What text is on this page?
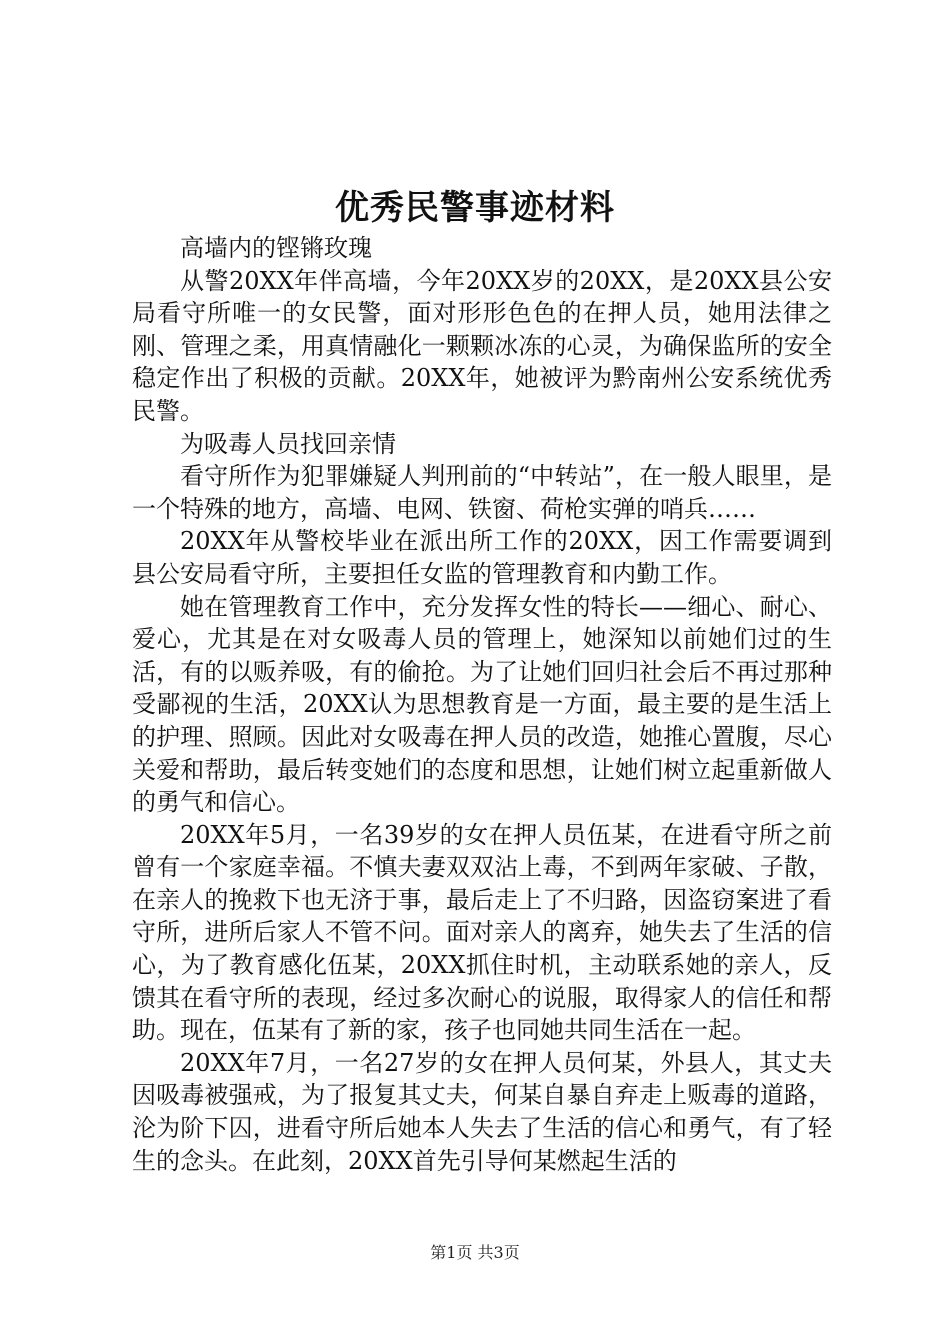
优秀民警事迹材料

高墙内的铿锵玫瑰

从警20XX年伴高墙，今年20XX岁的20XX，是20XX县公安局看守所唯一的女民警，面对形形色色的在押人员，她用法律之刚、管理之柔，用真情融化一颗颗冰冻的心灵，为确保监所的安全稳定作出了积极的贡献。20XX年，她被评为黔南州公安系统优秀民警。

为吸毒人员找回亲情

看守所作为犯罪嫌疑人判刑前的“中转站”，在一般人眼里，是一个特殊的地方，高墙、电网、铁窗、荷枪实弹的哨兵……

20XX年从警校毕业在派出所工作的20XX，因工作需要调到县公安局看守所，主要担任女监的管理教育和内勤工作。

她在管理教育工作中，充分发挥女性的特长——细心、耐心、爱心，尤其是在对女吸毒人员的管理上，她深知以前她们过的生活，有的以贩养吸，有的偷抢。为了让她们回归社会后不再过那种受鄙视的生活，20XX认为思想教育是一方面，最主要的是生活上的护理、照顾。因此对女吸毒在押人员的改造，她推心置腹，尽心关爱和帮助，最后转变她们的态度和思想，让她们树立起重新做人的勇气和信心。

20XX年5月，一名39岁的女在押人员伍某，在进看守所之前曾有一个家庭幸福。不慎夫妻双双沾上毒，不到两年家破、子散，在亲人的挽救下也无济于事，最后走上了不归路，因盗窃案进了看守所，进所后家人不管不问。面对亲人的离弃，她失去了生活的信心，为了教育感化伍某，20XX抓住时机，主动联系她的亲人，反馈其在看守所的表现，经过多次耐心的说服，取得家人的信任和帮助。现在，伍某有了新的家，孩子也同她共同生活在一起。

20XX年7月，一名27岁的女在押人员何某，外县人，其丈夫因吸毒被强戒，为了报复其丈夫，何某自暴自弃走上贩毒的道路，沦为阶下囚，进看守所后她本人失去了生活的信心和勇气，有了轻生的念头。在此刻，20XX首先引导何某燃起生活的

第1页 共3页
